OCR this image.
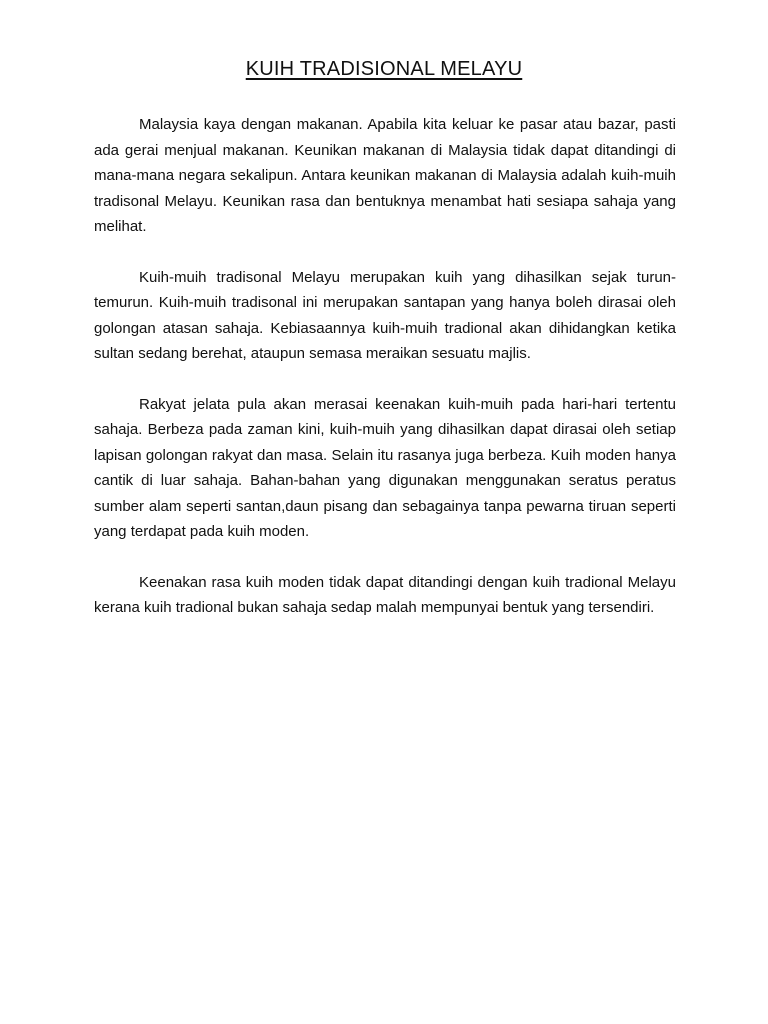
KUIH TRADISIONAL MELAYU

Malaysia kaya dengan makanan. Apabila kita keluar ke pasar atau bazar, pasti ada gerai menjual makanan. Keunikan makanan di Malaysia tidak dapat ditandingi di mana-mana negara sekalipun. Antara keunikan makanan di Malaysia adalah kuih-muih tradisonal Melayu. Keunikan rasa dan bentuknya menambat hati sesiapa sahaja yang melihat.

Kuih-muih tradisonal Melayu merupakan kuih yang dihasilkan sejak turun-temurun. Kuih-muih tradisonal ini merupakan santapan yang hanya boleh dirasai oleh golongan atasan sahaja. Kebiasaannya kuih-muih tradional akan dihidangkan ketika sultan sedang berehat, ataupun semasa meraikan sesuatu majlis.

Rakyat jelata pula akan merasai keenakan kuih-muih pada hari-hari tertentu sahaja. Berbeza pada zaman kini, kuih-muih yang dihasilkan dapat dirasai oleh setiap lapisan golongan rakyat dan masa. Selain itu rasanya juga berbeza. Kuih moden hanya cantik di luar sahaja. Bahan-bahan yang digunakan menggunakan seratus peratus sumber alam seperti santan,daun pisang dan sebagainya tanpa pewarna tiruan seperti yang terdapat pada kuih moden.

Keenakan rasa kuih moden tidak dapat ditandingi dengan kuih tradional Melayu kerana kuih tradional bukan sahaja sedap malah mempunyai bentuk yang tersendiri.
